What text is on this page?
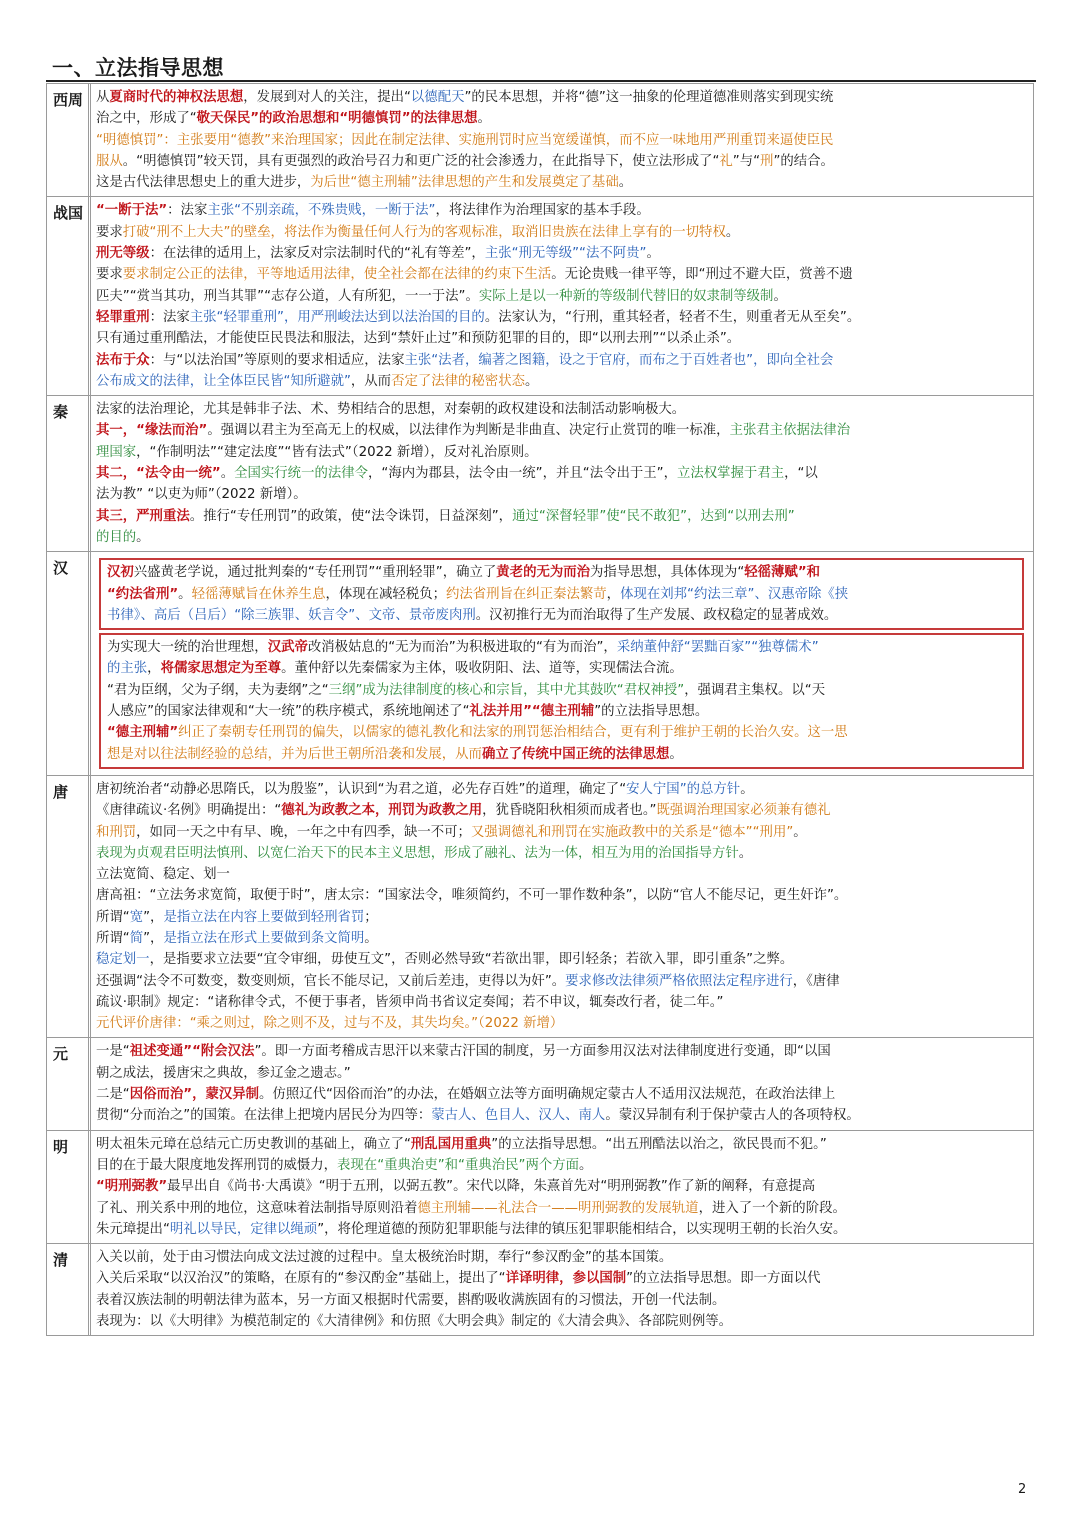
一、立法指导思想
西周 从夏商时代的神权法思想，发展到对人的关注，提出“以德配天”的民本思想，并将“德”这一抽象的伦理道德准则落实到现实统
治之中，形成了“敬天保民”的政治思想和“明德慎罚”的法律思想。
“明德慎罚”：主张要用“德教”来治理国家；因此在制定法律、实施刑罚时应当宽缓谨慎，而不应一味地用严刑重罚来逼使臣民
服从。“明德慎罚”较天罚，具有更强烈的政治号召力和更广泛的社会渗透力，在此指导下，使立法形成了“礼”与“刑”的结合。
这是古代法律思想史上的重大进步，为后世“德主刑辅”法律思想的产生和发展奠定了基础。
战国 “一断于法”：法家主张“不别亲疏，不殊贵贱，一断于法”，将法律作为治理国家的基本手段。
要求打破“刑不上大夫”的壁垒，将法作为衡量任何人行为的客观标准，取消旧贵族在法律上享有的一切特权。
刑无等级：在法律的适用上，法家反对宗法制时代的“礼有等差”，主张“刑无等级”“法不阿贵”。
要求要求制定公正的法律，平等地适用法律，使全社会都在法律的约束下生活。无论贵贱一律平等，即“刑过不避大臣，赏善不遗
匹夫”“赏当其功，刑当其罪”“志存公道，人有所犯，一一于法”。实际上是以一种新的等级制代替旧的奴隶制等级制。
轻罪重刑：法家主张“轻罪重刑”，用严刑峻法达到以法治国的目的。法家认为，“行刑，重其轻者，轻者不生，则重者无从至矣”。
只有通过重刑酷法，才能使臣民畏法和服法，达到“禁奸止过”和预防犯罪的目的，即“以刑去刑”“以杀止杀”。
法布于众：与“以法治国”等原则的要求相适应，法家主张“法者，编著之图籍，设之于官府，而布之于百姓者也”，即向全社会
公布成文的法律，让全体臣民皆“知所避就”，从而否定了法律的秘密状态。
秦	法家的法治理论，尤其是韩非子法、术、势相结合的思想，对秦朝的政权建设和法制活动影响极大。
其一，“缘法而治”。强调以君主为至高无上的权威，以法律作为判断是非曲直、决定行止赏罚的唯一标准，主张君主依据法律治
理国家，“作制明法”“建定法度”“皆有法式”（2022 新增），反对礼治原则。
其二，“法令由一统”。全国实行统一的法律令，“海内为郡县，法令由一统”，并且“法令出于王”，立法权掌握于君主，“以
法为教” “以吏为师”（2022 新增）。
其三，严刑重法。推行“专任刑罚”的政策，使“法令诛罚，日益深刻”，通过“深督轻罪”使“民不敢犯”，达到“以刑去刑”
的目的。
汉	汉初兴盛黄老学说，通过批判秦的“专任刑罚”“重刑轻罪”，确立了黄老的无为而治为指导思想，具体体现为“轻徭薄赋”和
“约法省刑”。轻徭薄赋旨在休养生息，体现在减轻税负；约法省刑旨在纠正秦法繁苛，体现在刘邦“约法三章”、汉惠帝除《挟
书律》、高后（吕后）“除三族罪、妖言令”、文帝、景帝废肉刑。汉初推行无为而治取得了生产发展、政权稳定的显著成效。
为实现大一统的治世理想，汉武帝改消极姑息的“无为而治”为积极进取的“有为而治”，采纳董仲舒“罢黜百家”“独尊儒术”
的主张，将儒家思想定为至尊。董仲舒以先秦儒家为主体，吸收阴阳、法、道等，实现儒法合流。
“君为臣纲，父为子纲，夫为妻纲”之“三纲”成为法律制度的核心和宗旨，其中尤其鼓吹“君权神授”，强调君主集权。以“天
人感应”的国家法律观和“大一统”的秩序模式，系统地阐述了“礼法并用”“德主刑辅”的立法指导思想。
“德主刑辅”纠正了秦朝专任刑罚的偏失，以儒家的德礼教化和法家的刑罚惩治相结合，更有利于维护王朝的长治久安。这一思
想是对以往法制经验的总结，并为后世王朝所沿袭和发展，从而确立了传统中国正统的法律思想。
唐	唐初统治者“动静必思隋氏，以为殷鉴”，认识到“为君之道，必先存百姓”的道理，确定了“安人宁国”的总方针。
《唐律疏议·名例》明确提出：“德礼为政教之本，刑罚为政教之用，犹昏晓阳秋相须而成者也。”既强调治理国家必须兼有德礼
和刑罚，如同一天之中有早、晚，一年之中有四季，缺一不可；又强调德礼和刑罚在实施政教中的关系是“德本”“刑用”。
表现为贞观君臣明法慎刑、以宽仁治天下的民本主义思想，形成了融礼、法为一体，相互为用的治国指导方针。
立法宽简、稳定、划一
唐高祖：“立法务求宽简，取便于时”，唐太宗：“国家法令，唯须简约，不可一罪作数种条”，以防“官人不能尽记，更生奸诈”。
所谓“宽”，是指立法在内容上要做到轻刑省罚；
所谓“简”，是指立法在形式上要做到条文简明。
稳定划一，是指要求立法要“宜令审细，毋使互文”，否则必然导致“若欲出罪，即引轻条；若欲入罪，即引重条”之弊。
还强调“法令不可数变，数变则烦，官长不能尽记，又前后差违，吏得以为奸”。要求修改法律须严格依照法定程序进行，《唐律
疏议·职制》规定：“诸称律令式，不便于事者，皆须申尚书省议定奏闻；若不申议，辄奏改行者，徒二年。”
元代评价唐律：“乘之则过，除之则不及，过与不及，其失均矣。”（2022 新增）
元	一是“祖述变通”“附会汉法”。即一方面考稽成吉思汗以来蒙古汗国的制度，另一方面参用汉法对法律制度进行变通，即“以国
朝之成法，援唐宋之典故，参辽金之遗志。”
二是“因俗而治”，蒙汉异制。仿照辽代“因俗而治”的办法，在婚姻立法等方面明确规定蒙古人不适用汉法规范，在政治法律上
贯彻“分而治之”的国策。在法律上把境内居民分为四等：蒙古人、色目人、汉人、南人。蒙汉异制有利于保护蒙古人的各项特权。
明	明太祖朱元璋在总结元亡历史教训的基础上，确立了“刑乱国用重典”的立法指导思想。“出五刑酷法以治之，欲民畏而不犯。”
目的在于最大限度地发挥刑罚的威慑力，表现在“重典治吏”和“重典治民”两个方面。
“明刑弼教”最早出自《尚书·大禹谟》“明于五刑，以弼五教”。宋代以降，朱熹首先对“明刑弼教”作了新的阐释，有意提高
了礼、刑关系中刑的地位，这意味着法制指导原则沿着德主刑辅——礼法合一——明刑弼教的发展轨道，进入了一个新的阶段。
朱元璋提出“明礼以导民，定律以绳顽”，将伦理道德的预防犯罪职能与法律的镇压犯罪职能相结合，以实现明王朝的长治久安。
清	入关以前，处于由习惯法向成文法过渡的过程中。皇太极统治时期，奉行“参汉酌金”的基本国策。
入关后采取“以汉治汉”的策略，在原有的“参汉酌金”基础上，提出了“详译明律，参以国制”的立法指导思想。即一方面以代
表着汉族法制的明朝法律为蓝本，另一方面又根据时代需要，斟酌吸收满族固有的习惯法，开创一代法制。
表现为：以《大明律》为模范制定的《大清律例》和仿照《大明会典》制定的《大清会典》、各部院则例等。
2
